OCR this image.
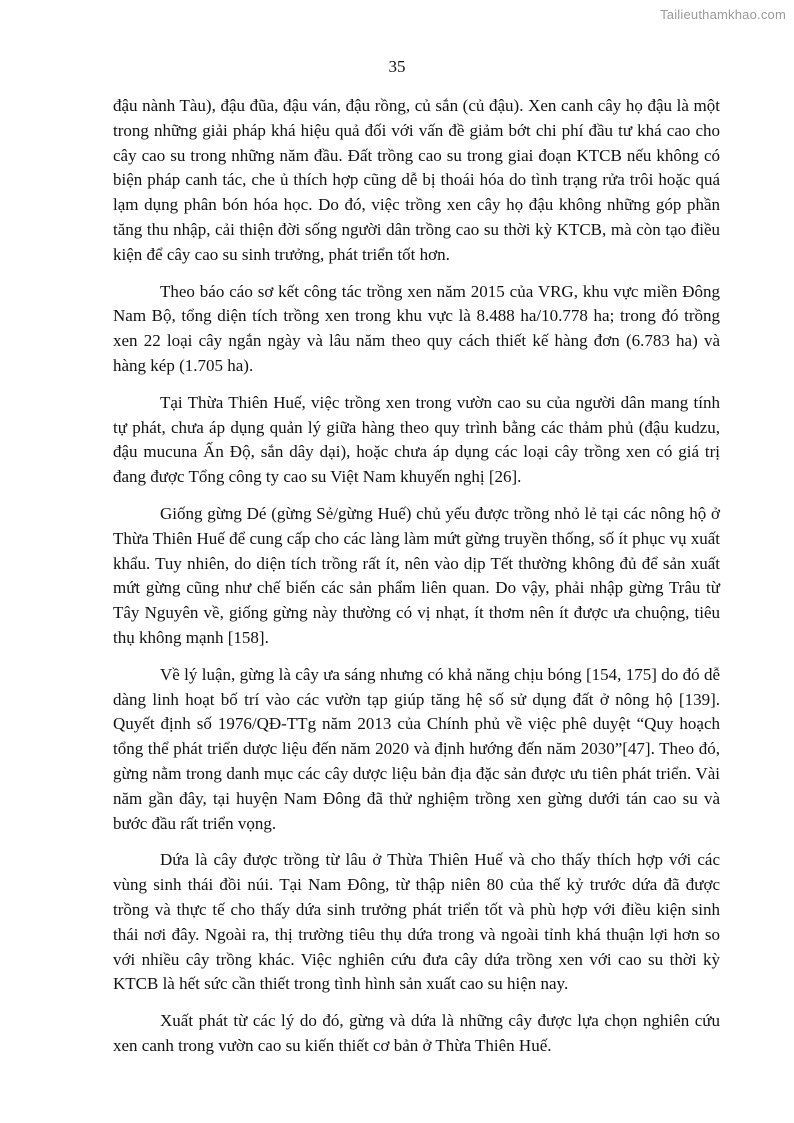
Tailieuthamkhao.com
35

đậu nành Tàu), đậu đũa, đậu ván, đậu rồng, củ sắn (củ đậu). Xen canh cây họ đậu là một trong những giải pháp khá hiệu quả đối với vấn đề giảm bớt chi phí đầu tư khá cao cho cây cao su trong những năm đầu. Đất trồng cao su trong giai đoạn KTCB nếu không có biện pháp canh tác, che ủ thích hợp cũng dễ bị thoái hóa do tình trạng rửa trôi hoặc quá lạm dụng phân bón hóa học. Do đó, việc trồng xen cây họ đậu không những góp phần tăng thu nhập, cải thiện đời sống người dân trồng cao su thời kỳ KTCB, mà còn tạo điều kiện để cây cao su sinh trưởng, phát triển tốt hơn.

Theo báo cáo sơ kết công tác trồng xen năm 2015 của VRG, khu vực miền Đông Nam Bộ, tổng diện tích trồng xen trong khu vực là 8.488 ha/10.778 ha; trong đó trồng xen 22 loại cây ngắn ngày và lâu năm theo quy cách thiết kế hàng đơn (6.783 ha) và hàng kép (1.705 ha).

Tại Thừa Thiên Huế, việc trồng xen trong vườn cao su của người dân mang tính tự phát, chưa áp dụng quản lý giữa hàng theo quy trình bằng các thảm phủ (đậu kudzu, đậu mucuna Ấn Độ, sắn dây dại), hoặc chưa áp dụng các loại cây trồng xen có giá trị đang được Tổng công ty cao su Việt Nam khuyến nghị [26].

Giống gừng Dé (gừng Sẻ/gừng Huế) chủ yếu được trồng nhỏ lẻ tại các nông hộ ở Thừa Thiên Huế để cung cấp cho các làng làm mứt gừng truyền thống, số ít phục vụ xuất khẩu. Tuy nhiên, do diện tích trồng rất ít, nên vào dịp Tết thường không đủ để sản xuất mứt gừng cũng như chế biến các sản phẩm liên quan. Do vậy, phải nhập gừng Trâu từ Tây Nguyên về, giống gừng này thường có vị nhạt, ít thơm nên ít được ưa chuộng, tiêu thụ không mạnh [158].

Về lý luận, gừng là cây ưa sáng nhưng có khả năng chịu bóng [154, 175] do đó dễ dàng linh hoạt bố trí vào các vườn tạp giúp tăng hệ số sử dụng đất ở nông hộ [139]. Quyết định số 1976/QĐ-TTg năm 2013 của Chính phủ về việc phê duyệt “Quy hoạch tổng thể phát triển dược liệu đến năm 2020 và định hướng đến năm 2030”[47]. Theo đó, gừng nằm trong danh mục các cây dược liệu bản địa đặc sản được ưu tiên phát triển. Vài năm gần đây, tại huyện Nam Đông đã thử nghiệm trồng xen gừng dưới tán cao su và bước đầu rất triển vọng.

Dứa là cây được trồng từ lâu ở Thừa Thiên Huế và cho thấy thích hợp với các vùng sinh thái đồi núi. Tại Nam Đông, từ thập niên 80 của thế kỷ trước dứa đã được trồng và thực tế cho thấy dứa sinh trưởng phát triển tốt và phù hợp với điều kiện sinh thái nơi đây. Ngoài ra, thị trường tiêu thụ dứa trong và ngoài tỉnh khá thuận lợi hơn so với nhiều cây trồng khác. Việc nghiên cứu đưa cây dứa trồng xen với cao su thời kỳ KTCB là hết sức cần thiết trong tình hình sản xuất cao su hiện nay.

Xuất phát từ các lý do đó, gừng và dứa là những cây được lựa chọn nghiên cứu xen canh trong vườn cao su kiến thiết cơ bản ở Thừa Thiên Huế.
